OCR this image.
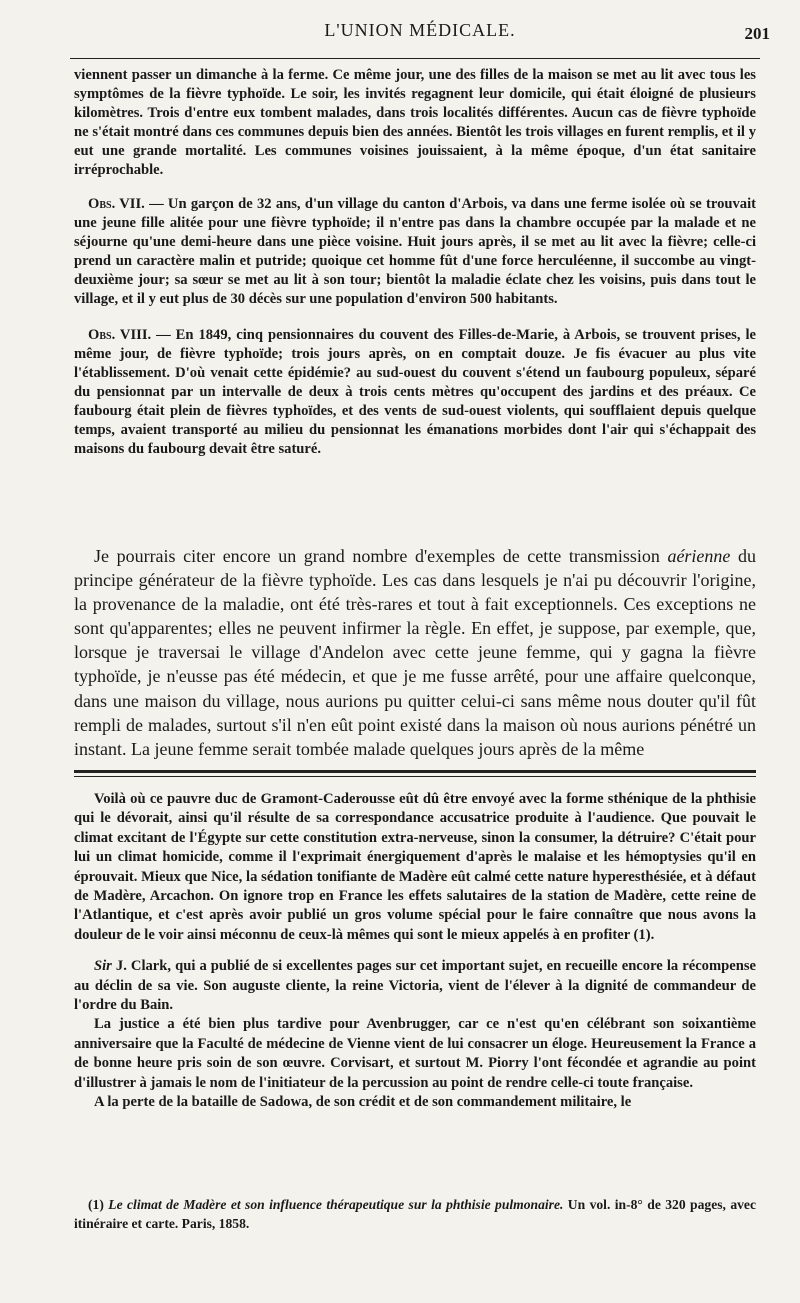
L'UNION MÉDICALE.	201

viennent passer un dimanche à la ferme. Ce même jour, une des filles de la maison se met au lit avec tous les symptômes de la fièvre typhoïde. Le soir, les invités regagnent leur domicile, qui était éloigné de plusieurs kilomètres. Trois d'entre eux tombent malades, dans trois localités différentes. Aucun cas de fièvre typhoïde ne s'était montré dans ces communes depuis bien des années. Bientôt les trois villages en furent remplis, et il y eut une grande mortalité. Les communes voisines jouissaient, à la même époque, d'un état sanitaire irréprochable.

Obs. VII. — Un garçon de 32 ans, d'un village du canton d'Arbois, va dans une ferme isolée où se trouvait une jeune fille alitée pour une fièvre typhoïde; il n'entre pas dans la chambre occupée par la malade et ne séjourne qu'une demi-heure dans une pièce voisine. Huit jours après, il se met au lit avec la fièvre; celle-ci prend un caractère malin et putride; quoique cet homme fût d'une force herculéenne, il succombe au vingt-deuxième jour; sa sœur se met au lit à son tour; bientôt la maladie éclate chez les voisins, puis dans tout le village, et il y eut plus de 30 décès sur une population d'environ 500 habitants.

Obs. VIII. — En 1849, cinq pensionnaires du couvent des Filles-de-Marie, à Arbois, se trouvent prises, le même jour, de fièvre typhoïde; trois jours après, on en comptait douze. Je fis évacuer au plus vite l'établissement. D'où venait cette épidémie? au sud-ouest du couvent s'étend un faubourg populeux, séparé du pensionnat par un intervalle de deux à trois cents mètres qu'occupent des jardins et des préaux. Ce faubourg était plein de fièvres typhoïdes, et des vents de sud-ouest violents, qui soufflaient depuis quelque temps, avaient transporté au milieu du pensionnat les émanations morbides dont l'air qui s'échappait des maisons du faubourg devait être saturé.

Je pourrais citer encore un grand nombre d'exemples de cette transmission aérienne du principe générateur de la fièvre typhoïde. Les cas dans lesquels je n'ai pu découvrir l'origine, la provenance de la maladie, ont été très-rares et tout à fait exceptionnels. Ces exceptions ne sont qu'apparentes; elles ne peuvent infirmer la règle. En effet, je suppose, par exemple, que, lorsque je traversai le village d'Andelon avec cette jeune femme, qui y gagna la fièvre typhoïde, je n'eusse pas été médecin, et que je me fusse arrêté, pour une affaire quelconque, dans une maison du village, nous aurions pu quitter celui-ci sans même nous douter qu'il fût rempli de malades, surtout s'il n'en eût point existé dans la maison où nous aurions pénétré un instant. La jeune femme serait tombée malade quelques jours après de la même

Voilà où ce pauvre duc de Gramont-Caderousse eût dû être envoyé avec la forme sthénique de la phthisie qui le dévorait, ainsi qu'il résulte de sa correspondance accusatrice produite à l'audience. Que pouvait le climat excitant de l'Égypte sur cette constitution extra-nerveuse, sinon la consumer, la détruire? C'était pour lui un climat homicide, comme il l'exprimait énergiquement d'après le malaise et les hémoptysies qu'il en éprouvait. Mieux que Nice, la sédation tonifiante de Madère eût calmé cette nature hyperesthésiée, et à défaut de Madère, Arcachon. On ignore trop en France les effets salutaires de la station de Madère, cette reine de l'Atlantique, et c'est après avoir publié un gros volume spécial pour le faire connaître que nous avons la douleur de le voir ainsi méconnu de ceux-là mêmes qui sont le mieux appelés à en profiter (1).

Sir J. Clark, qui a publié de si excellentes pages sur cet important sujet, en recueille encore la récompense au déclin de sa vie. Son auguste cliente, la reine Victoria, vient de l'élever à la dignité de commandeur de l'ordre du Bain.

La justice a été bien plus tardive pour Avenbrugger, car ce n'est qu'en célébrant son soixantième anniversaire que la Faculté de médecine de Vienne vient de lui consacrer un éloge. Heureusement la France a de bonne heure pris soin de son œuvre. Corvisart, et surtout M. Piorry l'ont fécondée et agrandie au point d'illustrer à jamais le nom de l'initiateur de la percussion au point de rendre celle-ci toute française.

A la perte de la bataille de Sadowa, de son crédit et de son commandement militaire, le

(1) Le climat de Madère et son influence thérapeutique sur la phthisie pulmonaire. Un vol. in-8° de 320 pages, avec itinéraire et carte. Paris, 1858.
